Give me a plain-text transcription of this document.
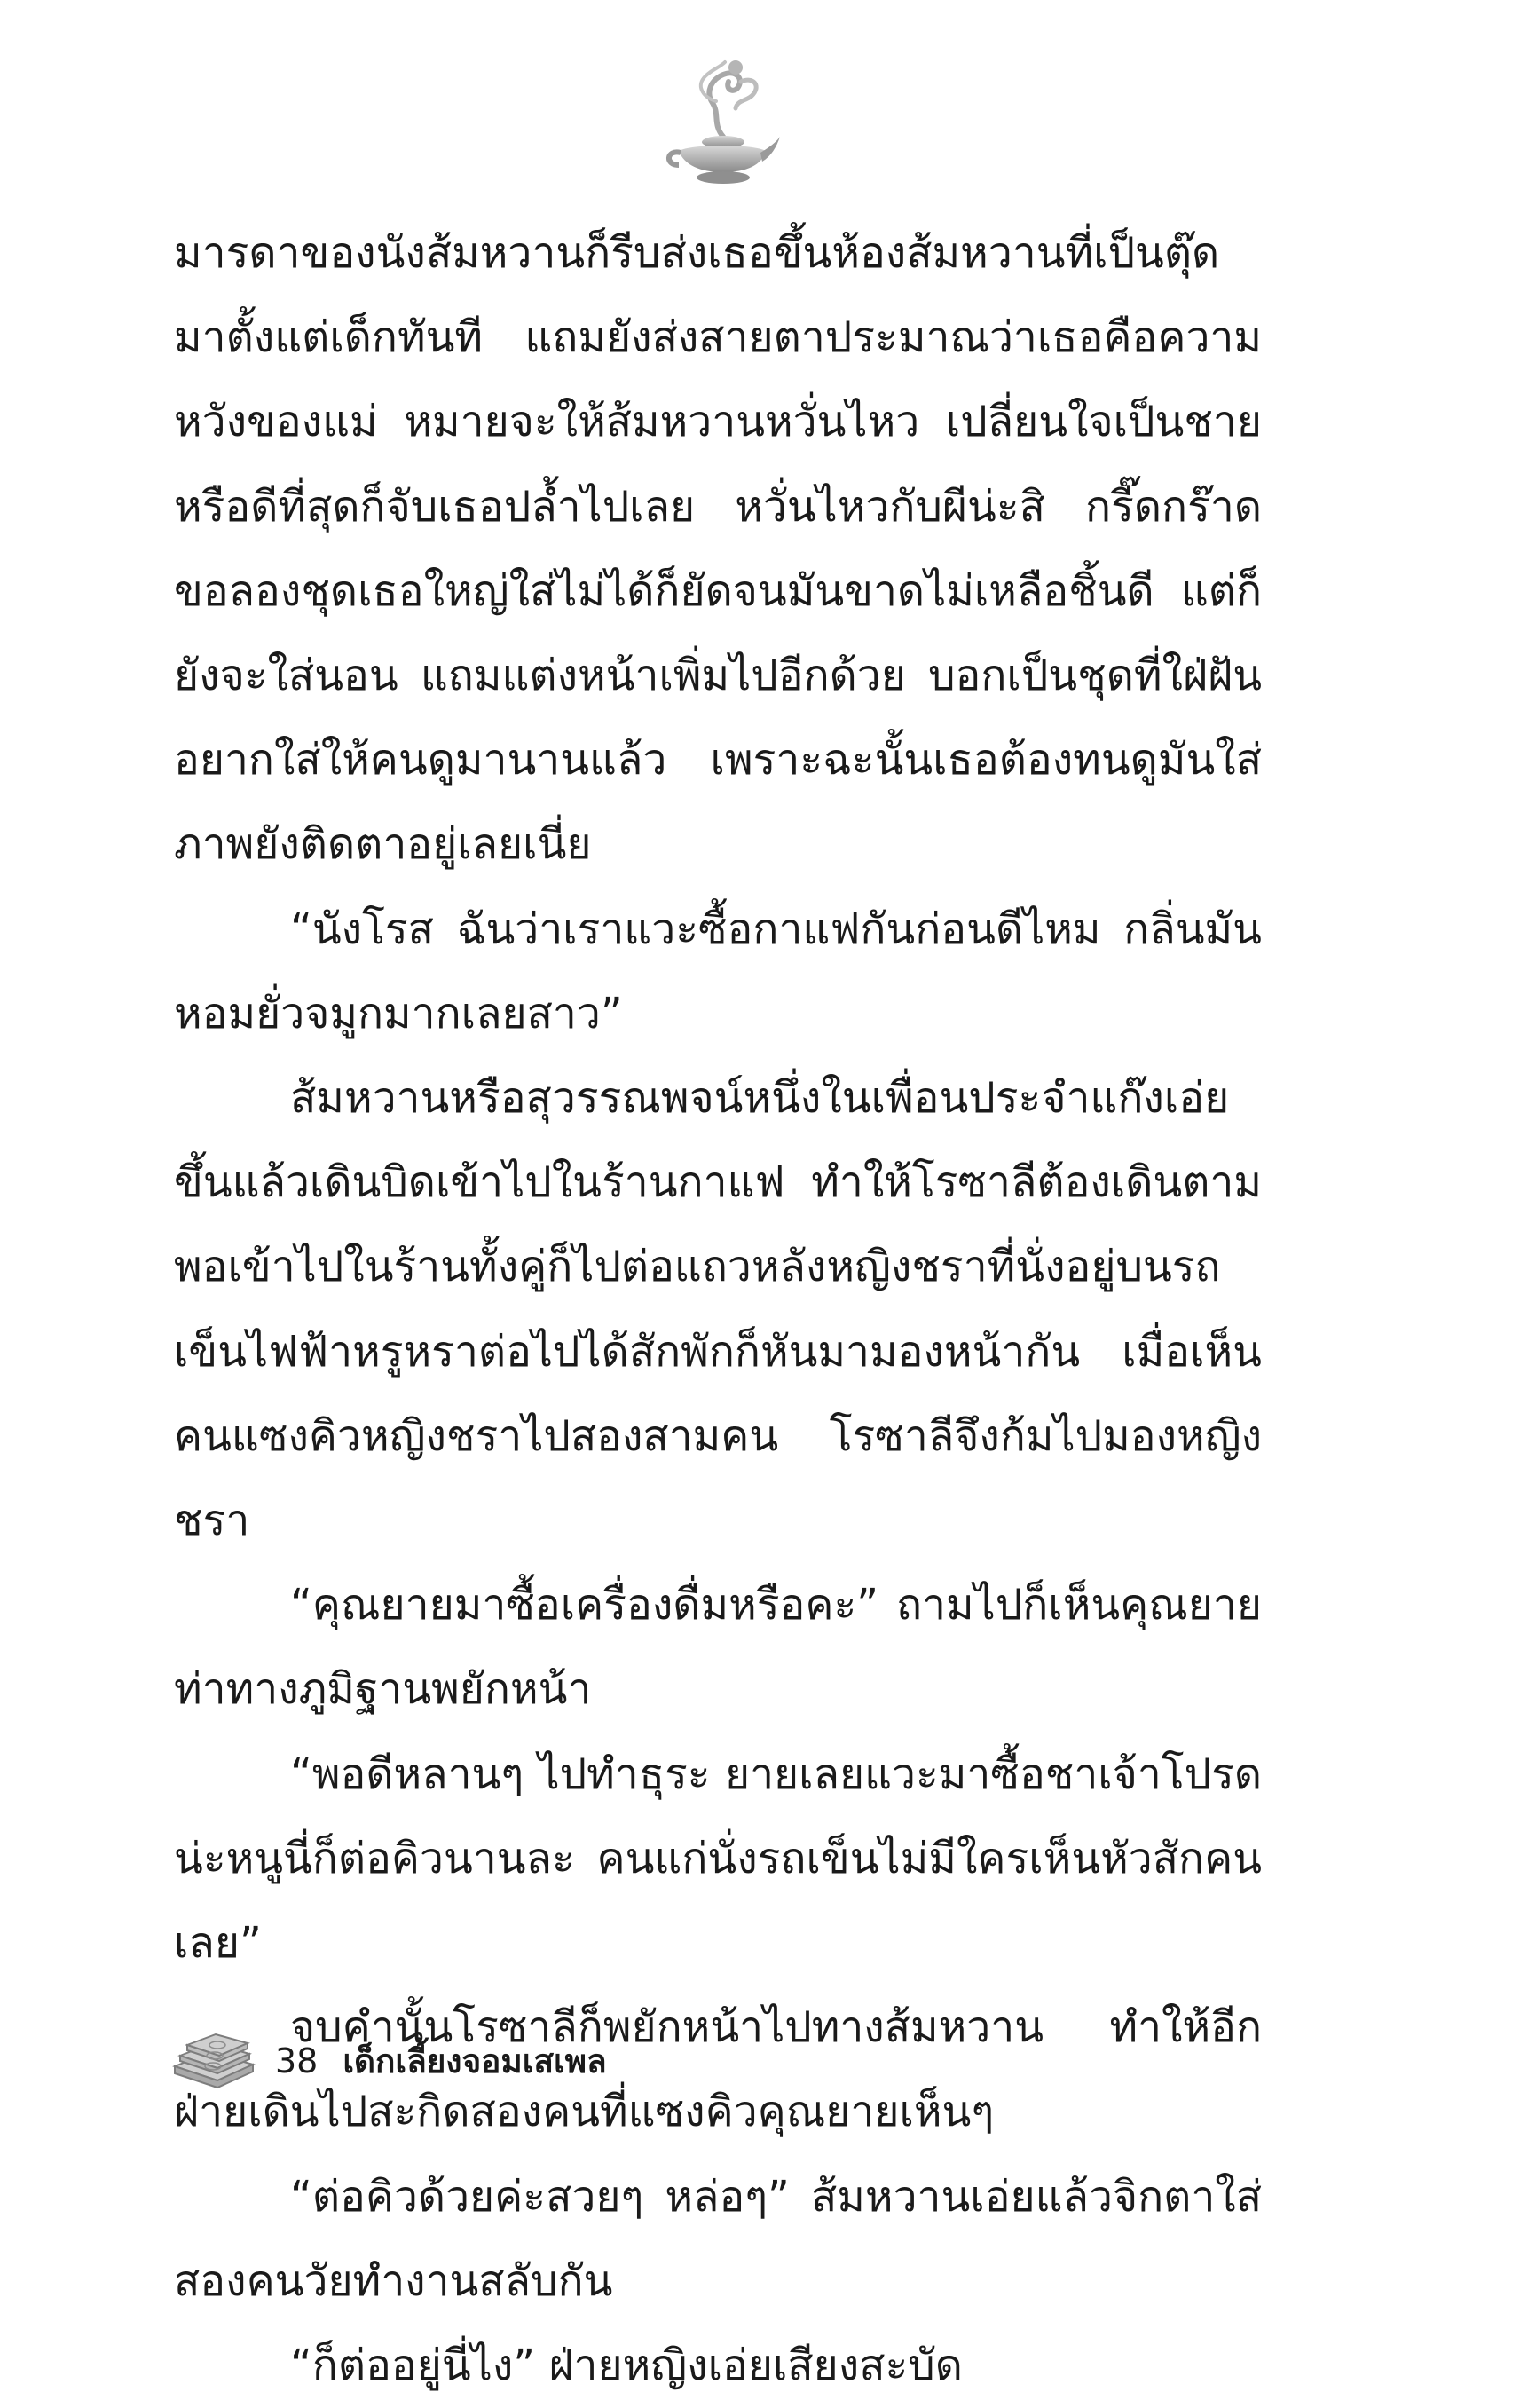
มารดาของนังส้มหวานก็รีบส่งเธอขึ้นห้องส้มหวานที่เป็นตุ๊ดมาตั้งแต่เด็กทันที แถมยังส่งสายตาประมาณว่าเธอคือความหวังของแม่ หมายจะให้ส้มหวานหวั่นไหว เปลี่ยนใจเป็นชายหรือดีที่สุดก็จับเธอปล้ำไปเลย หวั่นไหวกับผีน่ะสิ กรี๊ดกร๊าดขอลองชุดเธอใหญ่ใส่ไม่ได้ก็ยัดจนมันขาดไม่เหลือชิ้นดี แต่ก็ยังจะใส่นอน แถมแต่งหน้าเพิ่มไปอีกด้วย บอกเป็นชุดที่ใฝ่ฝันอยากใส่ให้คนดูมานานแล้ว เพราะฉะนั้นเธอต้องทนดูมันใส่ ภาพยังติดตาอยู่เลยเนี่ย

“นังโรส ฉันว่าเราแวะซื้อกาแฟกันก่อนดีไหม กลิ่นมันหอมยั่วจมูกมากเลยสาว”

ส้มหวานหรือสุวรรณพจน์หนึ่งในเพื่อนประจำแก๊งเอ่ยขึ้นแล้วเดินบิดเข้าไปในร้านกาแฟ ทำให้โรซาลีต้องเดินตาม พอเข้าไปในร้านทั้งคู่ก็ไปต่อแถวหลังหญิงชราที่นั่งอยู่บนรถเข็นไฟฟ้าหรูหราต่อไปได้สักพักก็หันมามองหน้ากัน เมื่อเห็นคนแซงคิวหญิงชราไปสองสามคน โรซาลีจึงก้มไปมองหญิงชรา

“คุณยายมาซื้อเครื่องดื่มหรือคะ” ถามไปก็เห็นคุณยายท่าทางภูมิฐานพยักหน้า

“พอดีหลานๆ ไปทำธุระ ยายเลยแวะมาซื้อชาเจ้าโปรดน่ะหนูนี่ก็ต่อคิวนานละ คนแก่นั่งรถเข็นไม่มีใครเห็นหัวสักคนเลย”

จบคำนั้นโรซาลีก็พยักหน้าไปทางส้มหวาน ทำให้อีกฝ่ายเดินไปสะกิดสองคนที่แซงคิวคุณยายเห็นๆ

“ต่อคิวด้วยค่ะสวยๆ หล่อๆ” ส้มหวานเอ่ยแล้วจิกตาใส่สองคนวัยทำงานสลับกัน

“ก็ต่ออยู่นี่ไง” ฝ่ายหญิงเอ่ยเสียงสะบัด

38 เด็กเลี้ยงจอมเสเพล
